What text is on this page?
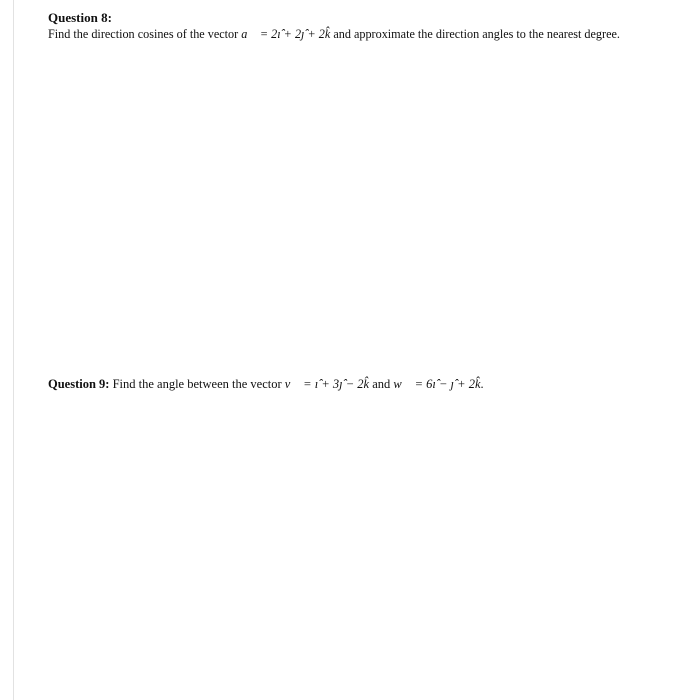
Question 8:
Find the direction cosines of the vector a⃗ = 2ı̂ + 2ȷ̂ + 2k̂ and approximate the direction angles to the nearest degree.
Question 9: Find the angle between the vector v⃗ = ı̂ + 3ȷ̂ − 2k̂ and w⃗ = 6ı̂ − ȷ̂ + 2k̂.
